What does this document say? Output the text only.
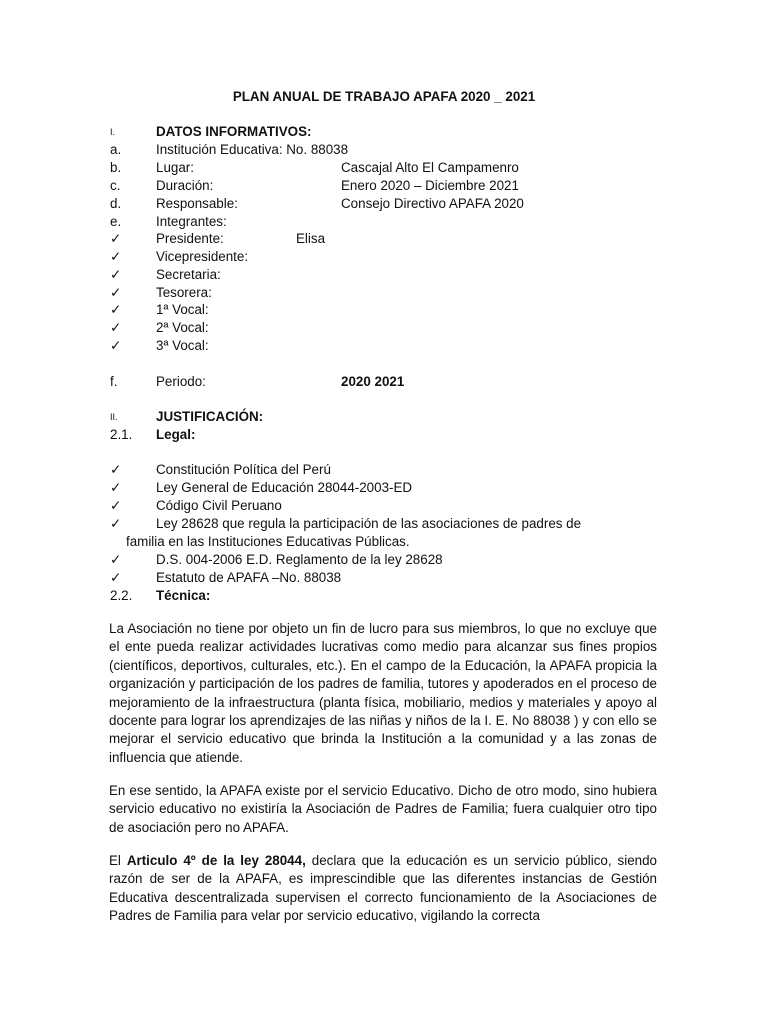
PLAN ANUAL DE TRABAJO APAFA 2020 _ 2021
I.	DATOS INFORMATIVOS:
a.	Institución Educativa: No. 88038
b.	Lugar:	Cascajal Alto El Campamenro
c.	Duración:	Enero 2020 – Diciembre 2021
d.	Responsable:	Consejo Directivo APAFA 2020
e.	Integrantes:
✓	Presidente:	Elisa
✓	Vicepresidente:
✓	Secretaria:
✓	Tesorera:
✓	1ª Vocal:
✓	2ª Vocal:
✓	3ª Vocal:
f.	Periodo:	2020 2021
II.	JUSTIFICACIÓN:
2.1. Legal:
✓	Constitución Política del Perú
✓	Ley General de Educación 28044-2003-ED
✓	Código Civil Peruano
✓	Ley 28628 que regula la participación de las asociaciones de padres de
familia en las Instituciones Educativas Públicas.
✓	D.S. 004-2006 E.D. Reglamento de la ley 28628
✓	Estatuto de APAFA –No. 88038
2.2. Técnica:

La Asociación no tiene por objeto un fin de lucro para sus miembros, lo que no excluye que el ente pueda realizar actividades lucrativas como medio para alcanzar sus fines propios (científicos, deportivos, culturales, etc.). En el campo de la Educación, la APAFA propicia la organización y participación de los padres de familia, tutores y apoderados en el proceso de mejoramiento de la infraestructura (planta física, mobiliario, medios y materiales y apoyo al docente para lograr los aprendizajes de las niñas y niños de la I. E. No 88038 ) y con ello se mejorar el servicio educativo que brinda la Institución a la comunidad y a las zonas de influencia que atiende.

En ese sentido, la APAFA existe por el servicio Educativo. Dicho de otro modo, sino hubiera servicio educativo no existiría la Asociación de Padres de Familia; fuera cualquier otro tipo de asociación pero no APAFA.

El Articulo 4º de la ley 28044, declara que la educación es un servicio público, siendo razón de ser de la APAFA, es imprescindible que las diferentes instancias de Gestión Educativa descentralizada supervisen el correcto funcionamiento de la Asociaciones de Padres de Familia para velar por servicio educativo, vigilando la correcta
